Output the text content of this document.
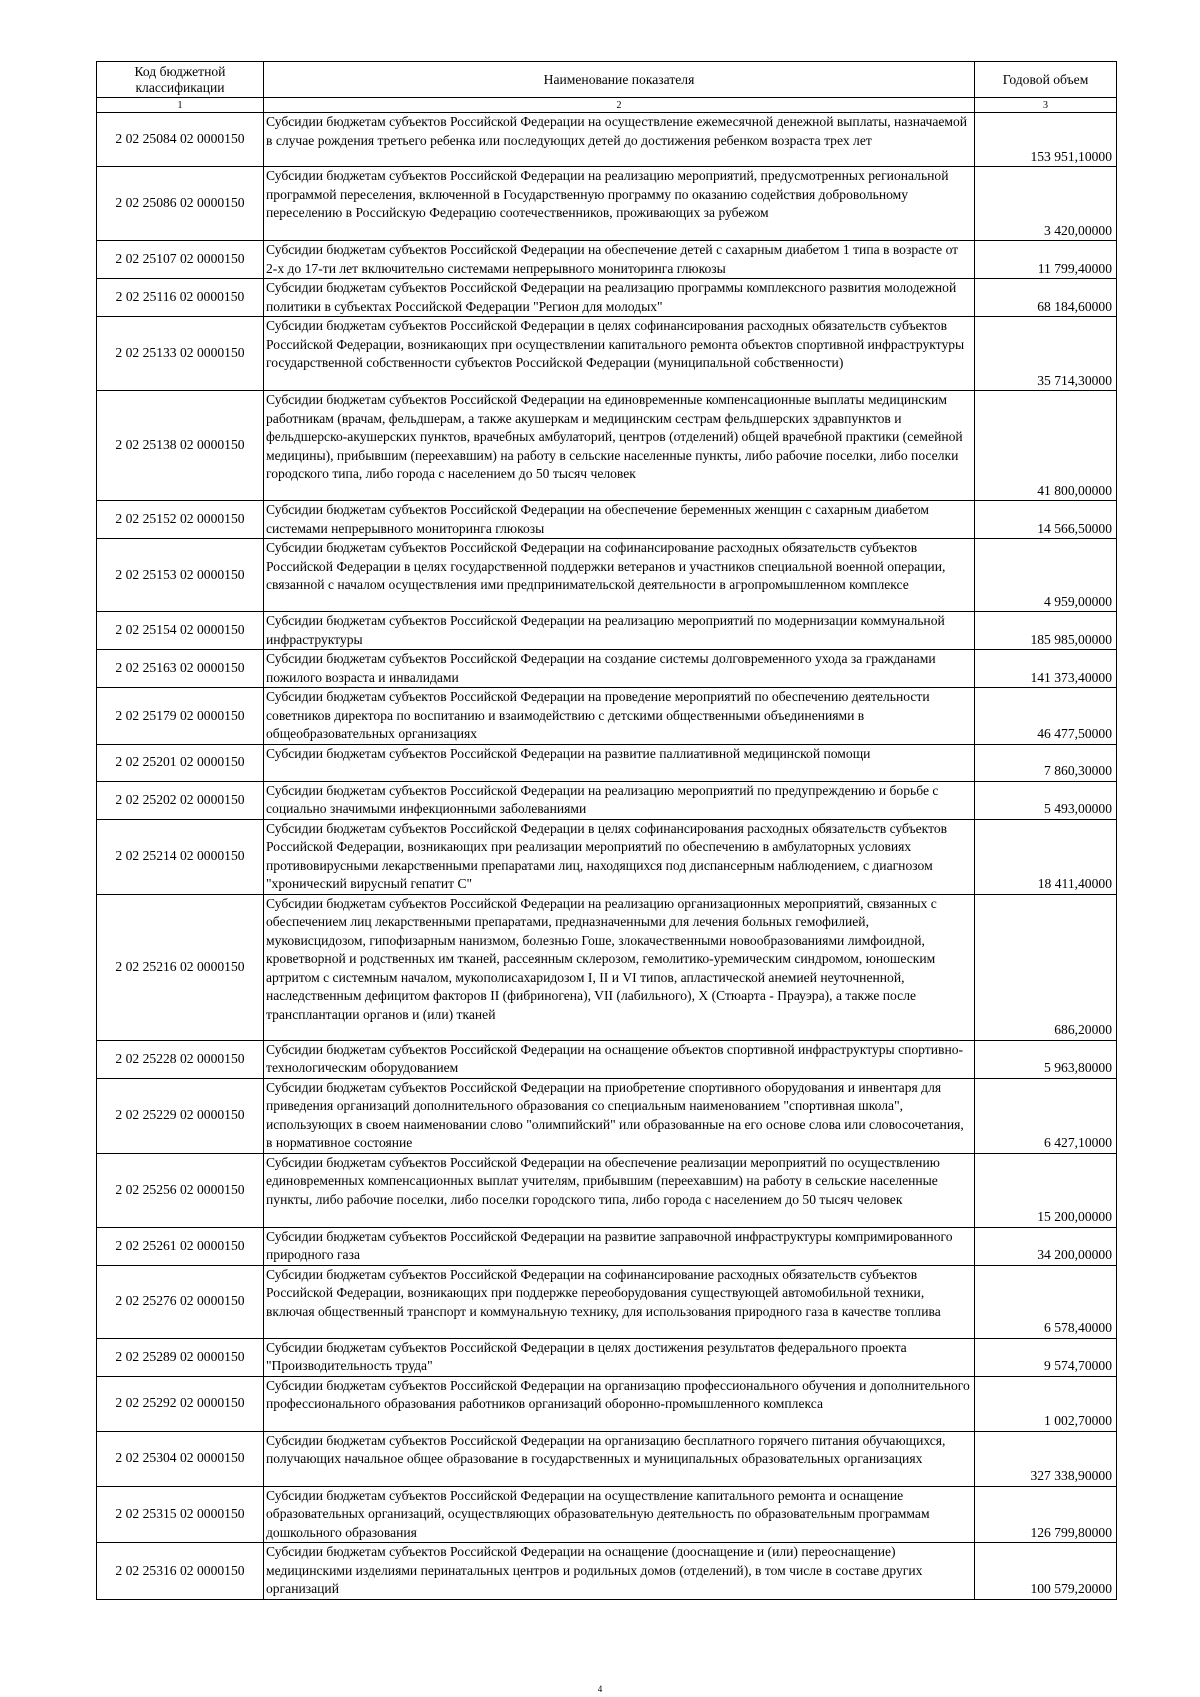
Код бюджетной классификации	Наименование показателя	Годовой объем
1	2	3
2 02 25084 02 0000150	Субсидии бюджетам субъектов Российской Федерации на осуществление ежемесячной денежной выплаты, назначаемой в случае рождения третьего ребенка или последующих детей до достижения ребенком возраста трех лет	153 951,10000
2 02 25086 02 0000150	Субсидии бюджетам субъектов Российской Федерации на реализацию мероприятий, предусмотренных региональной программой переселения, включенной в Государственную программу по оказанию содействия добровольному переселению в Российскую Федерацию соотечественников, проживающих за рубежом	3 420,00000
2 02 25107 02 0000150	Субсидии бюджетам субъектов Российской Федерации на обеспечение детей с сахарным диабетом 1 типа в возрасте от 2-х до 17-ти лет включительно системами непрерывного мониторинга глюкозы	11 799,40000
2 02 25116 02 0000150	Субсидии бюджетам субъектов Российской Федерации на реализацию программы комплексного развития молодежной политики в субъектах Российской Федерации "Регион для молодых"	68 184,60000
2 02 25133 02 0000150	Субсидии бюджетам субъектов Российской Федерации в целях софинансирования расходных обязательств субъектов Российской Федерации, возникающих при осуществлении капитального ремонта объектов спортивной инфраструктуры государственной собственности субъектов Российской Федерации (муниципальной собственности)	35 714,30000
2 02 25138 02 0000150	Субсидии бюджетам субъектов Российской Федерации на единовременные компенсационные выплаты медицинским работникам (врачам, фельдшерам, а также акушеркам и медицинским сестрам фельдшерских здравпунктов и фельдшерско-акушерских пунктов, врачебных амбулаторий, центров (отделений) общей врачебной практики (семейной медицины), прибывшим (переехавшим) на работу в сельские населенные пункты, либо рабочие поселки, либо поселки городского типа, либо города с населением до 50 тысяч человек	41 800,00000
2 02 25152 02 0000150	Субсидии бюджетам субъектов Российской Федерации на обеспечение беременных женщин с сахарным диабетом системами непрерывного мониторинга глюкозы	14 566,50000
2 02 25153 02 0000150	Субсидии бюджетам субъектов Российской Федерации на софинансирование расходных обязательств субъектов Российской Федерации в целях государственной поддержки ветеранов и участников специальной военной операции, связанной с началом осуществления ими предпринимательской деятельности в агропромышленном комплексе	4 959,00000
2 02 25154 02 0000150	Субсидии бюджетам субъектов Российской Федерации на реализацию мероприятий по модернизации коммунальной инфраструктуры	185 985,00000
2 02 25163 02 0000150	Субсидии бюджетам субъектов Российской Федерации на создание системы долговременного ухода за гражданами пожилого возраста и инвалидами	141 373,40000
2 02 25179 02 0000150	Субсидии бюджетам субъектов Российской Федерации на проведение мероприятий по обеспечению деятельности советников директора по воспитанию и взаимодействию с детскими общественными объединениями в общеобразовательных организациях	46 477,50000
2 02 25201 02 0000150	Субсидии бюджетам субъектов Российской Федерации на развитие паллиативной медицинской помощи	7 860,30000
2 02 25202 02 0000150	Субсидии бюджетам субъектов Российской Федерации на реализацию мероприятий по предупреждению и борьбе с социально значимыми инфекционными заболеваниями	5 493,00000
2 02 25214 02 0000150	Субсидии бюджетам субъектов Российской Федерации в целях софинансирования расходных обязательств субъектов Российской Федерации, возникающих при реализации мероприятий по обеспечению в амбулаторных условиях противовирусными лекарственными препаратами лиц, находящихся под диспансерным наблюдением, с диагнозом "хронический вирусный гепатит С"	18 411,40000
2 02 25216 02 0000150	Субсидии бюджетам субъектов Российской Федерации на реализацию организационных мероприятий, связанных с обеспечением лиц лекарственными препаратами, предназначенными для лечения больных гемофилией, муковисцидозом, гипофизарным нанизмом, болезнью Гоше, злокачественными новообразованиями лимфоидной, кроветворной и родственных им тканей, рассеянным склерозом, гемолитико-уремическим синдромом, юношеским артритом с системным началом, мукополисахаридозом I, II и VI типов, апластической анемией неуточненной, наследственным дефицитом факторов II (фибриногена), VII (лабильного), X (Стюарта - Прауэра), а также после трансплантации органов и (или) тканей	686,20000
2 02 25228 02 0000150	Субсидии бюджетам субъектов Российской Федерации на оснащение объектов спортивной инфраструктуры спортивно-технологическим оборудованием	5 963,80000
2 02 25229 02 0000150	Субсидии бюджетам субъектов Российской Федерации на приобретение спортивного оборудования и инвентаря для приведения организаций дополнительного образования со специальным наименованием "спортивная школа", использующих в своем наименовании слово "олимпийский" или образованные на его основе слова или словосочетания, в нормативное состояние	6 427,10000
2 02 25256 02 0000150	Субсидии бюджетам субъектов Российской Федерации на обеспечение реализации мероприятий по осуществлению единовременных компенсационных выплат учителям, прибывшим (переехавшим) на работу в сельские населенные пункты, либо рабочие поселки, либо поселки городского типа, либо города с населением до 50 тысяч человек	15 200,00000
2 02 25261 02 0000150	Субсидии бюджетам субъектов Российской Федерации на развитие заправочной инфраструктуры компримированного природного газа	34 200,00000
2 02 25276 02 0000150	Субсидии бюджетам субъектов Российской Федерации на софинансирование расходных обязательств субъектов Российской Федерации, возникающих при поддержке переоборудования существующей автомобильной техники, включая общественный транспорт и коммунальную технику, для использования природного газа в качестве топлива	6 578,40000
2 02 25289 02 0000150	Субсидии бюджетам субъектов Российской Федерации в целях достижения результатов федерального проекта "Производительность труда"	9 574,70000
2 02 25292 02 0000150	Субсидии бюджетам субъектов Российской Федерации на организацию профессионального обучения и дополнительного профессионального образования работников организаций оборонно-промышленного комплекса	1 002,70000
2 02 25304 02 0000150	Субсидии бюджетам субъектов Российской Федерации на организацию бесплатного горячего питания обучающихся, получающих начальное общее образование в государственных и муниципальных образовательных организациях	327 338,90000
2 02 25315 02 0000150	Субсидии бюджетам субъектов Российской Федерации на осуществление капитального ремонта и оснащение образовательных организаций, осуществляющих образовательную деятельность по образовательным программам дошкольного образования	126 799,80000
2 02 25316 02 0000150	Субсидии бюджетам субъектов Российской Федерации на оснащение (дооснащение и (или) переоснащение) медицинскими изделиями перинатальных центров и родильных домов (отделений), в том числе в составе других организаций	100 579,20000
4
